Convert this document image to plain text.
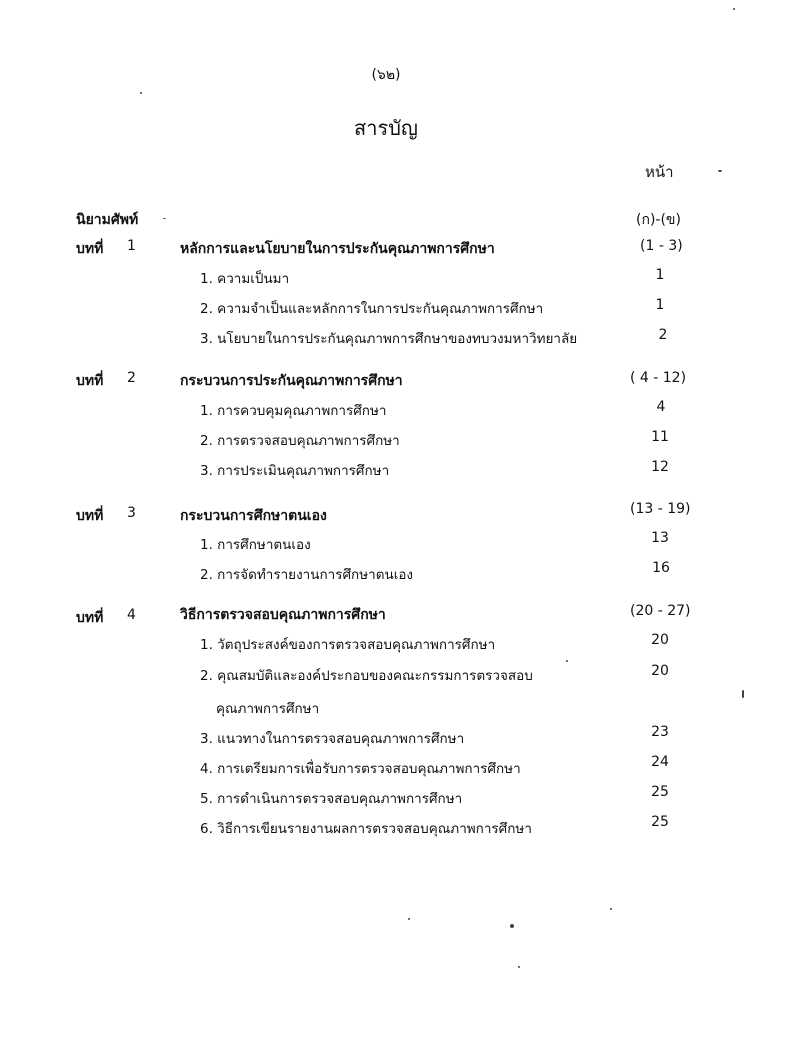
(๖๒)
สารบัญ
หน้า
นิยามศัพท์	(ก)-(ข)
บทที่ 1	หลักการและนโยบายในการประกันคุณภาพการศึกษา	(1 - 3)
1. ความเป็นมา	1
2. ความจำเป็นและหลักการในการประกันคุณภาพการศึกษา	1
3. นโยบายในการประกันคุณภาพการศึกษาของทบวงมหาวิทยาลัย	2
บทที่ 2	กระบวนการประกันคุณภาพการศึกษา	( 4 - 12)
1. การควบคุมคุณภาพการศึกษา	4
2. การตรวจสอบคุณภาพการศึกษา	11
3. การประเมินคุณภาพการศึกษา	12
บทที่ 3	กระบวนการศึกษาตนเอง	(13 - 19)
1. การศึกษาตนเอง	13
2. การจัดทำรายงานการศึกษาตนเอง	16
บทที่ 4	วิธีการตรวจสอบคุณภาพการศึกษา	(20 - 27)
1. วัตถุประสงค์ของการตรวจสอบคุณภาพการศึกษา	20
2. คุณสมบัติและองค์ประกอบของคณะกรรมการตรวจสอบ	20
คุณภาพการศึกษา
3. แนวทางในการตรวจสอบคุณภาพการศึกษา	23
4. การเตรียมการเพื่อรับการตรวจสอบคุณภาพการศึกษา	24
5. การดำเนินการตรวจสอบคุณภาพการศึกษา	25
6. วิธีการเขียนรายงานผลการตรวจสอบคุณภาพการศึกษา	25
